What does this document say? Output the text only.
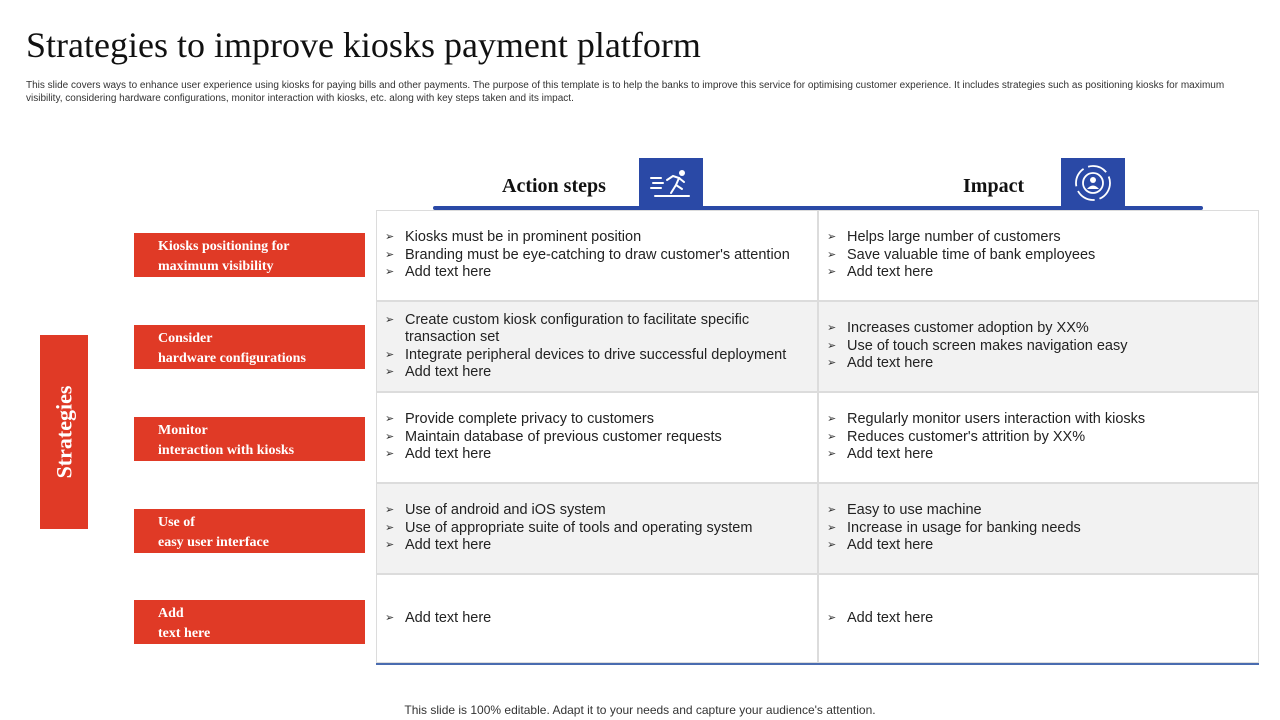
Strategies to improve kiosks payment platform

This slide covers ways to enhance user experience using kiosks for paying bills and other payments. The purpose of this template is to help the banks to improve this service for optimising customer experience. It includes strategies such as positioning kiosks for maximum visibility, considering hardware configurations, monitor interaction with kiosks, etc. along with key steps taken and its impact.

Strategies
Kiosks positioning for
maximum visibility
Consider
hardware configurations
Monitor
interaction with kiosks
Use of
easy user interface
Add
text here
Action steps	Impact
➢ Kiosks must be in prominent position
➢ Branding must be eye-catching to draw customer's attention
➢ Add text here
➢ Helps large number of customers
➢ Save valuable time of bank employees
➢ Add text here
➢ Create custom kiosk configuration to facilitate specific transaction set
➢ Integrate peripheral devices to drive successful deployment
➢ Add text here
➢ Increases customer adoption by XX%
➢ Use of touch screen makes navigation easy
➢ Add text here
➢ Provide complete privacy to customers
➢ Maintain database of previous customer requests
➢ Add text here
➢ Regularly monitor users interaction with kiosks
➢ Reduces customer's attrition by XX%
➢ Add text here
➢ Use of android and iOS system
➢ Use of appropriate suite of tools and operating system
➢ Add text here
➢ Easy to use machine
➢ Increase in usage for banking needs
➢ Add text here
➢ Add text here	➢ Add text here
This slide is 100% editable. Adapt it to your needs and capture your audience's attention.
